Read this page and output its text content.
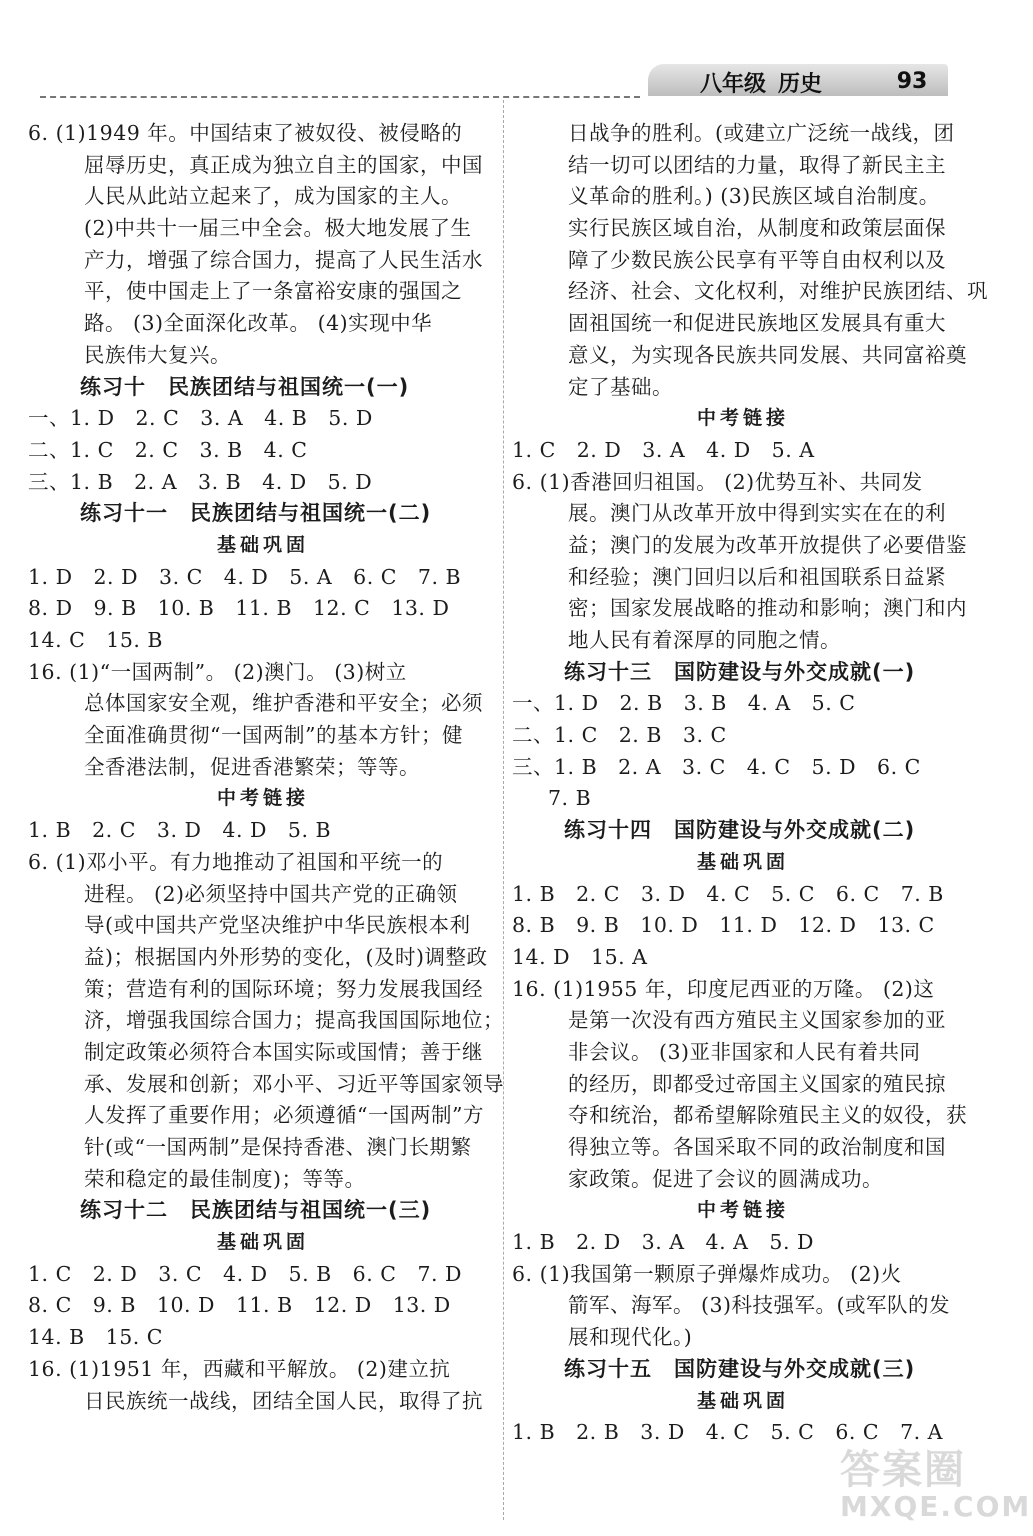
八年级 历史	93
6. (1)1949 年。中国结束了被奴役、被侵略的
屈辱历史，真正成为独立自主的国家，中国
人民从此站立起来了，成为国家的主人。
(2)中共十一届三中全会。极大地发展了生
产力，增强了综合国力，提高了人民生活水
平，使中国走上了一条富裕安康的强国之
路。 (3)全面深化改革。 (4)实现中华
民族伟大复兴。
练习十　民族团结与祖国统一(一)
一、1. D　2. C　3. A　4. B　5. D
二、1. C　2. C　3. B　4. C
三、1. B　2. A　3. B　4. D　5. D
练习十一　民族团结与祖国统一(二)
基础巩固
1. D　2. D　3. C　4. D　5. A　6. C　7. B
8. D　9. B　10. B　11. B　12. C　13. D
14. C　15. B
16. (1)“一国两制”。 (2)澳门。 (3)树立
总体国家安全观，维护香港和平安全；必须
全面准确贯彻“一国两制”的基本方针；健
全香港法制，促进香港繁荣；等等。
中考链接
1. B　2. C　3. D　4. D　5. B
6. (1)邓小平。有力地推动了祖国和平统一的
进程。 (2)必须坚持中国共产党的正确领
导(或中国共产党坚决维护中华民族根本利
益)；根据国内外形势的变化，(及时)调整政
策；营造有利的国际环境；努力发展我国经
济，增强我国综合国力；提高我国国际地位；
制定政策必须符合本国实际或国情；善于继
承、发展和创新；邓小平、习近平等国家领导
人发挥了重要作用；必须遵循“一国两制”方
针(或“一国两制”是保持香港、澳门长期繁
荣和稳定的最佳制度)；等等。
练习十二　民族团结与祖国统一(三)
基础巩固
1. C　2. D　3. C　4. D　5. B　6. C　7. D
8. C　9. B　10. D　11. B　12. D　13. D
14. B　15. C
16. (1)1951 年，西藏和平解放。 (2)建立抗
日民族统一战线，团结全国人民，取得了抗
日战争的胜利。(或建立广泛统一战线，团
结一切可以团结的力量，取得了新民主主
义革命的胜利。) (3)民族区域自治制度。
实行民族区域自治，从制度和政策层面保
障了少数民族公民享有平等自由权利以及
经济、社会、文化权利，对维护民族团结、巩
固祖国统一和促进民族地区发展具有重大
意义，为实现各民族共同发展、共同富裕奠
定了基础。
中考链接
1. C　2. D　3. A　4. D　5. A
6. (1)香港回归祖国。 (2)优势互补、共同发
展。澳门从改革开放中得到实实在在的利
益；澳门的发展为改革开放提供了必要借鉴
和经验；澳门回归以后和祖国联系日益紧
密；国家发展战略的推动和影响；澳门和内
地人民有着深厚的同胞之情。
练习十三　国防建设与外交成就(一)
一、1. D　2. B　3. B　4. A　5. C
二、1. C　2. B　3. C
三、1. B　2. A　3. C　4. C　5. D　6. C
7. B
练习十四　国防建设与外交成就(二)
基础巩固
1. B　2. C　3. D　4. C　5. C　6. C　7. B
8. B　9. B　10. D　11. D　12. D　13. C
14. D　15. A
16. (1)1955 年，印度尼西亚的万隆。 (2)这
是第一次没有西方殖民主义国家参加的亚
非会议。 (3)亚非国家和人民有着共同
的经历，即都受过帝国主义国家的殖民掠
夺和统治，都希望解除殖民主义的奴役，获
得独立等。各国采取不同的政治制度和国
家政策。促进了会议的圆满成功。
中考链接
1. B　2. D　3. A　4. A　5. D
6. (1)我国第一颗原子弹爆炸成功。 (2)火
箭军、海军。 (3)科技强军。(或军队的发
展和现代化。)
练习十五　国防建设与外交成就(三)
基础巩固
1. B　2. B　3. D　4. C　5. C　6. C　7. A
答案圈
MXQE.COM
